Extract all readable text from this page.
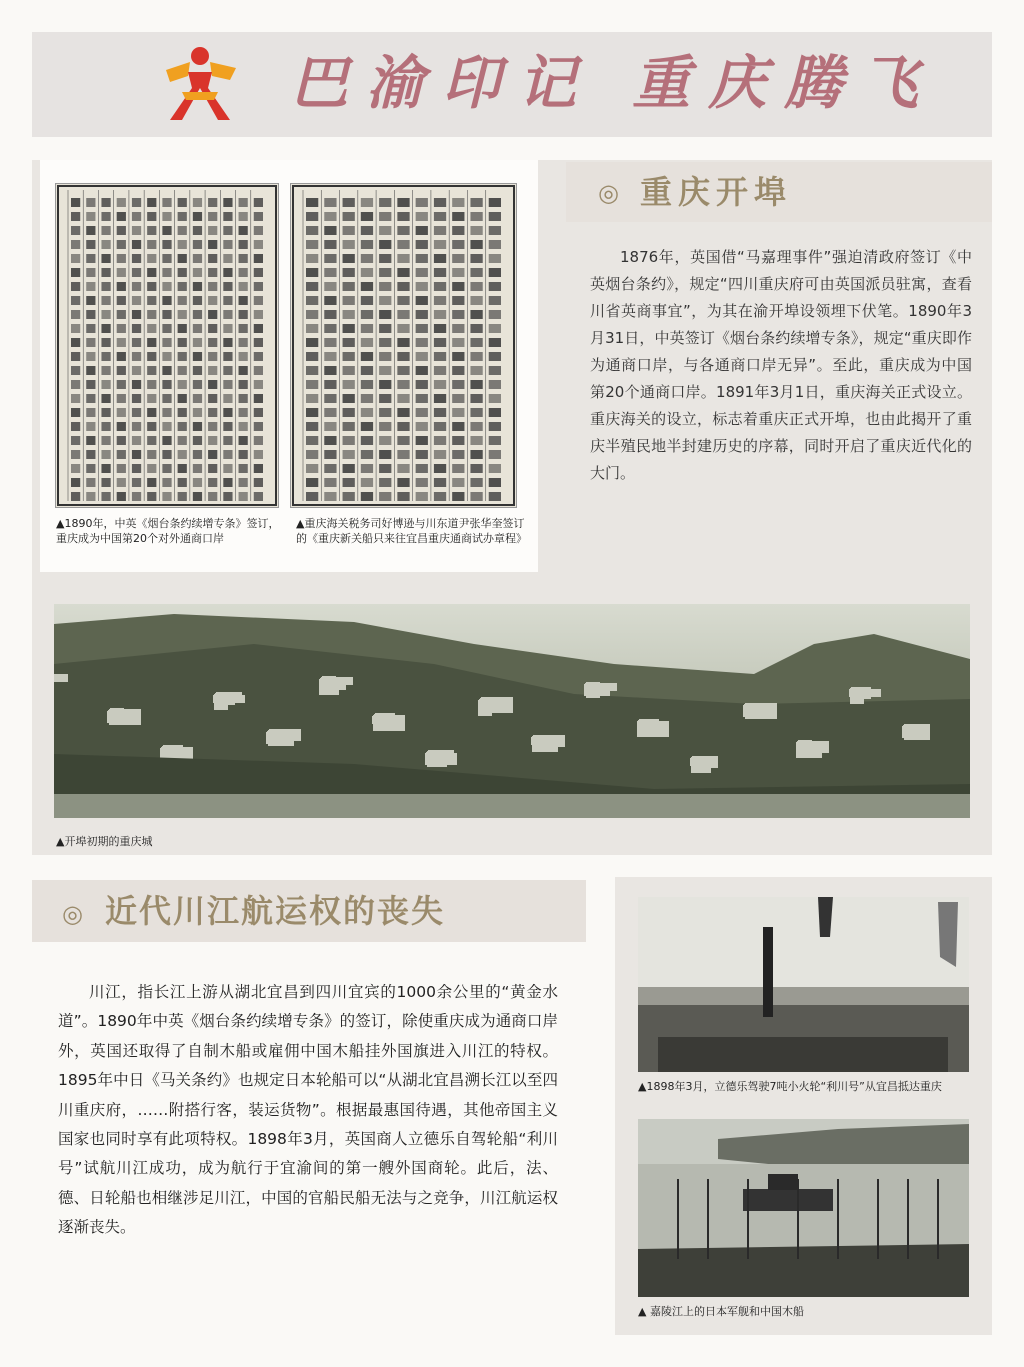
巴渝印记 重庆腾飞
▲1890年，中英《烟台条约续增专条》签订，重庆成为中国第20个对外通商口岸
▲重庆海关税务司好博逊与川东道尹张华奎签订的《重庆新关船只来往宜昌重庆通商试办章程》
◎ 重庆开埠
1876年，英国借“马嘉理事件”强迫清政府签订《中英烟台条约》，规定“四川重庆府可由英国派员驻寓，查看川省英商事宜”，为其在渝开埠设领埋下伏笔。1890年3月31日，中英签订《烟台条约续增专条》，规定“重庆即作为通商口岸，与各通商口岸无异”。至此，重庆成为中国第20个通商口岸。1891年3月1日，重庆海关正式设立。重庆海关的设立，标志着重庆正式开埠，也由此揭开了重庆半殖民地半封建历史的序幕，同时开启了重庆近代化的大门。
▲开埠初期的重庆城
◎ 近代川江航运权的丧失
川江，指长江上游从湖北宜昌到四川宜宾的1000余公里的“黄金水道”。1890年中英《烟台条约续增专条》的签订，除使重庆成为通商口岸外，英国还取得了自制木船或雇佣中国木船挂外国旗进入川江的特权。1895年中日《马关条约》也规定日本轮船可以“从湖北宜昌溯长江以至四川重庆府，……附搭行客，装运货物”。根据最惠国待遇，其他帝国主义国家也同时享有此项特权。1898年3月，英国商人立德乐自驾轮船“利川号”试航川江成功，成为航行于宜渝间的第一艘外国商轮。此后，法、德、日轮船也相继涉足川江，中国的官船民船无法与之竞争，川江航运权逐渐丧失。
▲1898年3月，立德乐驾驶7吨小火轮“利川号”从宜昌抵达重庆
▲ 嘉陵江上的日本军舰和中国木船
